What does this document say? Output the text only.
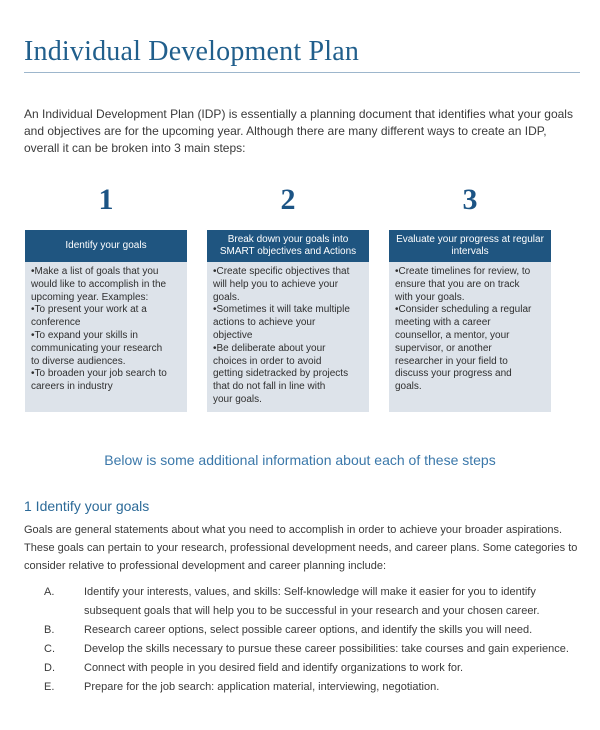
Individual Development Plan

An Individual Development Plan (IDP) is essentially a planning document that identifies what your goals and objectives are for the upcoming year. Although there are many different ways to create an IDP, overall it can be broken into 3 main steps:

1
Identify your goals
•Make a list of goals that you
would like to accomplish in the
upcoming year. Examples:
•To present your work at a
conference
•To expand your skills in
communicating your research
to diverse audiences.
•To broaden your job search to
careers in industry
2
Break down your goals into SMART objectives and Actions
•Create specific objectives that
will help you to achieve your
goals.
•Sometimes it will take multiple
actions to achieve your
objective
•Be deliberate about your
choices in order to avoid
getting sidetracked by projects
that do not fall in line with
your goals.
3
Evaluate your progress at regular intervals
•Create timelines for review, to
ensure that you are on track
with your goals.
•Consider scheduling a regular
meeting with a career
counsellor, a mentor, your
supervisor, or another
researcher in your field to
discuss your progress and
goals.

Below is some additional information about each of these steps

1 Identify your goals
Goals are general statements about what you need to accomplish in order to achieve your broader aspirations.
These goals can pertain to your research, professional development needs, and career plans. Some categories to
consider relative to professional development and career planning include:
A.	Identify your interests, values, and skills: Self-knowledge will make it easier for you to identify
subsequent goals that will help you to be successful in your research and your chosen career.
B.	Research career options, select possible career options, and identify the skills you will need.
C.	Develop the skills necessary to pursue these career possibilities: take courses and gain experience.
D.	Connect with people in you desired field and identify organizations to work for.
E.	Prepare for the job search: application material, interviewing, negotiation.
